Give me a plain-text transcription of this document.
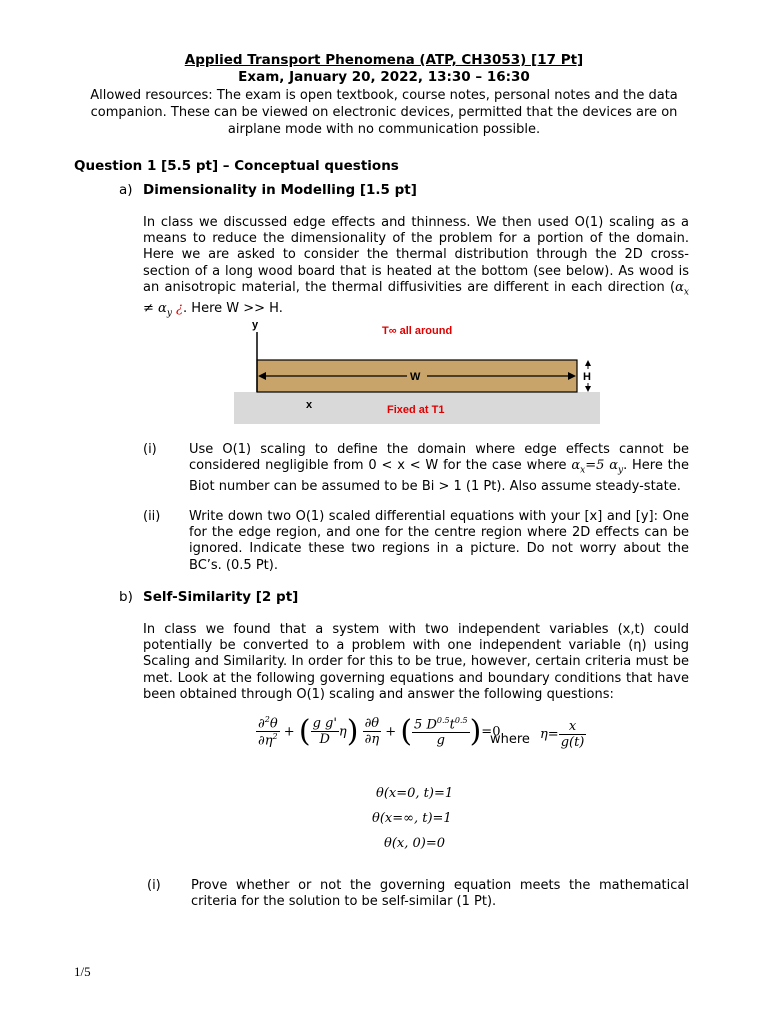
Applied Transport Phenomena (ATP, CH3053) [17 Pt]
Exam, January 20, 2022, 13:30 – 16:30
Allowed resources: The exam is open textbook, course notes, personal notes and the data companion. These can be viewed on electronic devices, permitted that the devices are on airplane mode with no communication possible.
Question 1 [5.5 pt] – Conceptual questions
a) Dimensionality in Modelling [1.5 pt]
In class we discussed edge effects and thinness. We then used O(1) scaling as a means to reduce the dimensionality of the problem for a portion of the domain. Here we are asked to consider the thermal distribution through the 2D cross-section of a long wood board that is heated at the bottom (see below). As wood is an anisotropic material, the thermal diffusivities are different in each direction ($\alpha_x \ne \alpha_y$ ¿. Here W >> H.
y
x
W	H
T∞ all around
Fixed at T1
(i) Use O(1) scaling to define the domain where edge effects cannot be considered negligible from 0 < x < W for the case where $\alpha_x=5$ $\alpha_y$. Here the Biot number can be assumed to be Bi > 1 (1 Pt). Also assume steady-state.
(ii) Write down two O(1) scaled differential equations with your [x] and [y]: One for the edge region, and one for the centre region where 2D effects can be ignored. Indicate these two regions in a picture. Do not worry about the BC’s. (0.5 Pt).
b) Self-Similarity [2 pt]
In class we found that a system with two independent variables (x,t) could potentially be converted to a problem with one independent variable (η) using Scaling and Similarity. In order for this to be true, however, certain criteria must be met. Look at the following governing equations and boundary conditions that have been obtained through O(1) scaling and answer the following questions:
$\frac{\partial^2\theta}{\partial\eta^2}$ + ( $\frac{\text{g g'}}{D} \eta) \frac{\partial\theta}{\partial\eta}$ + ( $\frac{5 D^{0.5}t^{0.5}}{g} )=0$
where $\eta= \frac{x}{g(t)}$
θ(x=0, t)=1
θ(x=∞, t)=1
θ(x, 0)=0
(i) Prove whether or not the governing equation meets the mathematical criteria for the solution to be self-similar (1 Pt).
1/5
